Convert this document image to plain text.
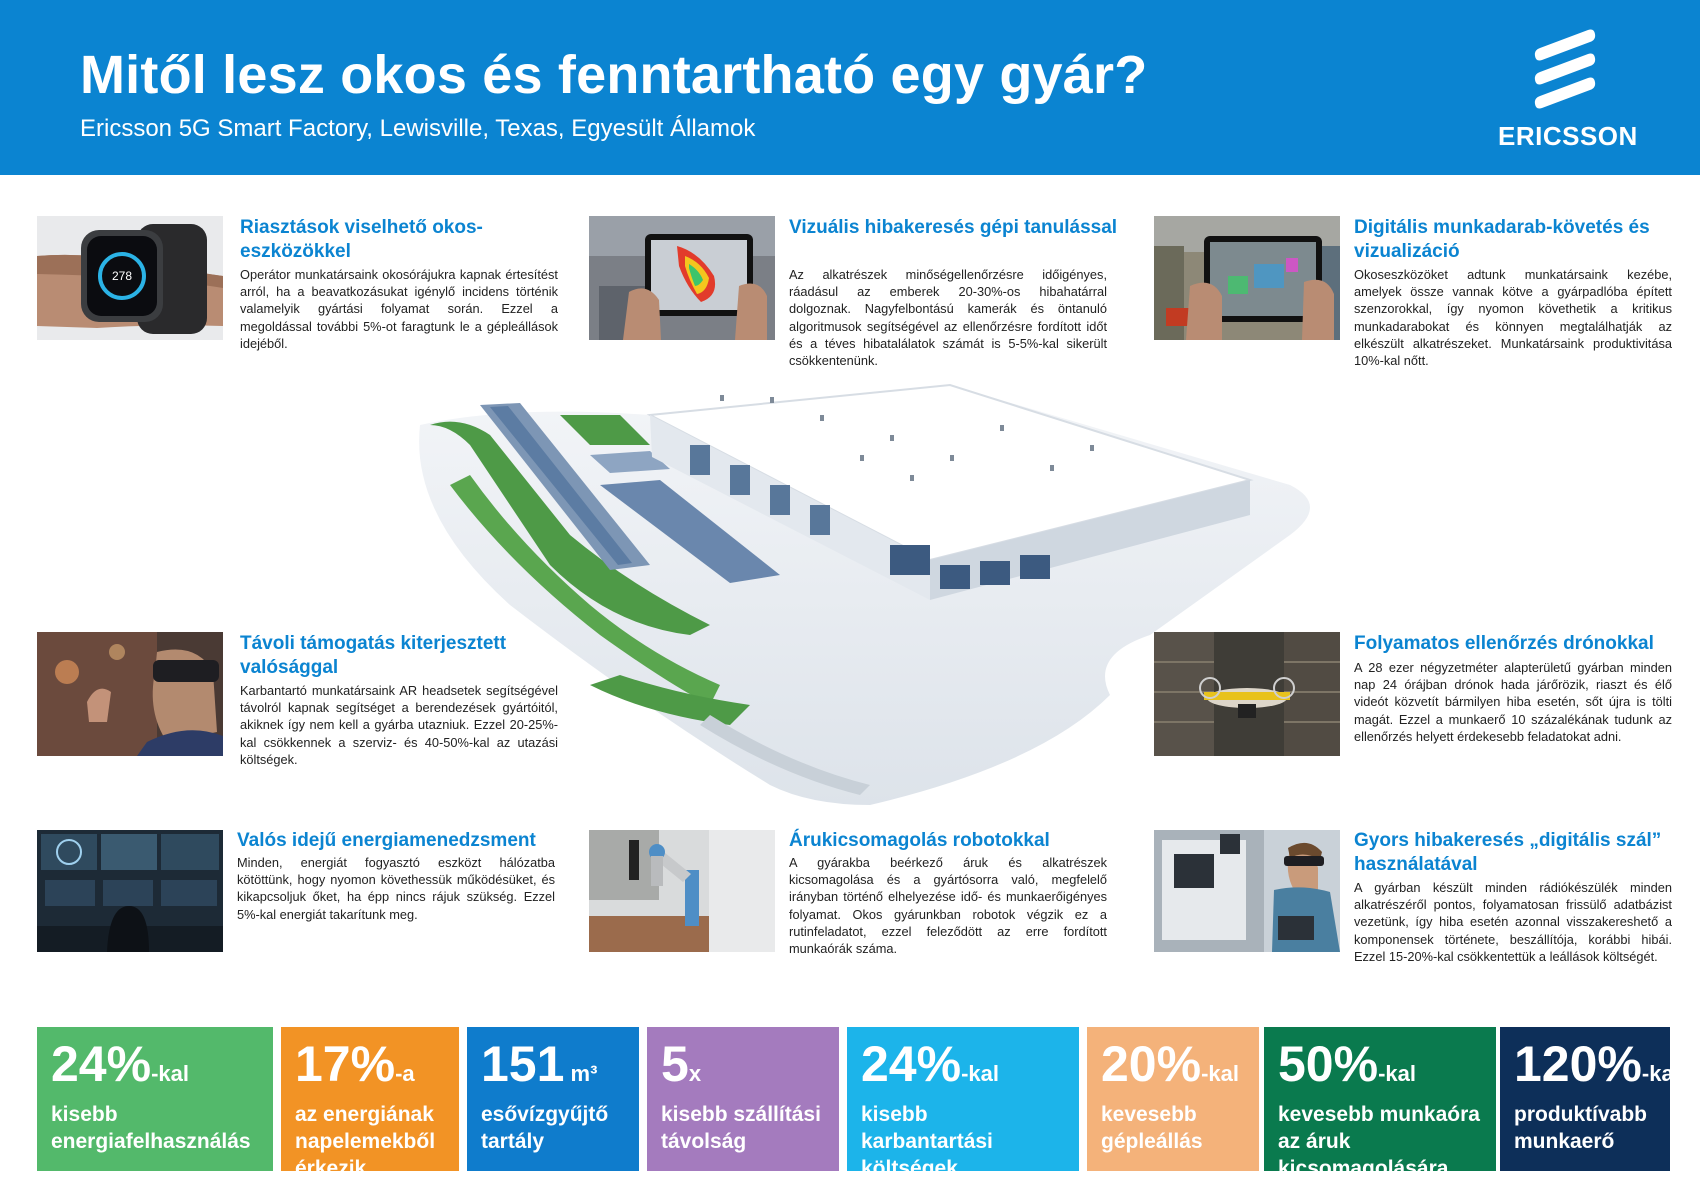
Mitől lesz okos és fenntartható egy gyár?
Ericsson 5G Smart Factory, Lewisville, Texas, Egyesült Államok	ERICSSON
278
Riasztások viselhető okos-eszközökkel
Operátor munkatársaink okosórájukra kapnak értesítést arról, ha a beavatkozásukat igénylő incidens történik valamelyik gyártási folyamat során. Ezzel a megoldással további 5%-ot faragtunk le a gépleállások idejéből.
Vizuális hibakeresés gépi tanulással
Az alkatrészek minőségellenőrzésre időigényes, ráadásul az emberek 20-30%-os hibahatárral dolgoznak. Nagyfelbontású kamerák és öntanuló algoritmusok segítségével az ellenőrzésre fordított időt és a téves hibatalálatok számát is 5-5%-kal sikerült csökkentenünk.
Digitális munkadarab-követés és vizualizáció
Okoseszközöket adtunk munkatársaink kezébe, amelyek össze vannak kötve a gyárpadlóba épített szenzorokkal, így nyomon követhetik a kritikus munkadarabokat és könnyen megtalálhatják az elkészült alkatrészeket. Munkatársaink produktivitása 10%-kal nőtt.
Távoli támogatás kiterjesztett valósággal
Karbantartó munkatársaink AR headsetek segítségével távolról kapnak segítséget a berendezések gyártóitól, akiknek így nem kell a gyárba utazniuk. Ezzel 20-25%-kal csökkennek a szerviz- és 40-50%-kal az utazási költségek.
Folyamatos ellenőrzés drónokkal
A 28 ezer négyzetméter alapterületű gyárban minden nap 24 órájban drónok hada járőrözik, riaszt és élő videót közvetít bármilyen hiba esetén, sőt újra is tölti magát. Ezzel a munkaerő 10 százalékának tudunk az ellenőrzés helyett érdekesebb feladatokat adni.
Valós idejű energiamenedzsment
Minden, energiát fogyasztó eszközt hálózatba kötöttünk, hogy nyomon követhessük működésüket, és kikapcsoljuk őket, ha épp nincs rájuk szükség. Ezzel 5%-kal energiát takarítunk meg.
Árukicsomagolás robotokkal
A gyárakba beérkező áruk és alkatrészek kicsomagolása és a gyártósorra való, megfelelő irányban történő elhelyezése idő- és munkaerőigényes folyamat. Okos gyárunkban robotok végzik ez a rutinfeladatot, ezzel feleződött az erre fordított munkaórák száma.
Gyors hibakeresés „digitális szál” használatával
A gyárban készült minden rádiókészülék minden alkatrészéről pontos, folyamatosan frissülő adatbázist vezetünk, így hiba esetén azonnal visszakereshető a komponensek története, beszállítója, korábbi hibái. Ezzel 15-20%-kal csökkentettük a leállások költségét.
24%-kal
kisebb energiafelhasználás
17%-a
az energiának napelemekből érkezik
151 m³
esővízgyűjtő tartály
5x
kisebb szállítási távolság
24%-kal
kisebb karbantartási költségek
20%-kal
kevesebb gépleállás
50%-kal
kevesebb munkaóra az áruk kicsomagolására
120%-kal
produktívabb munkaerő
